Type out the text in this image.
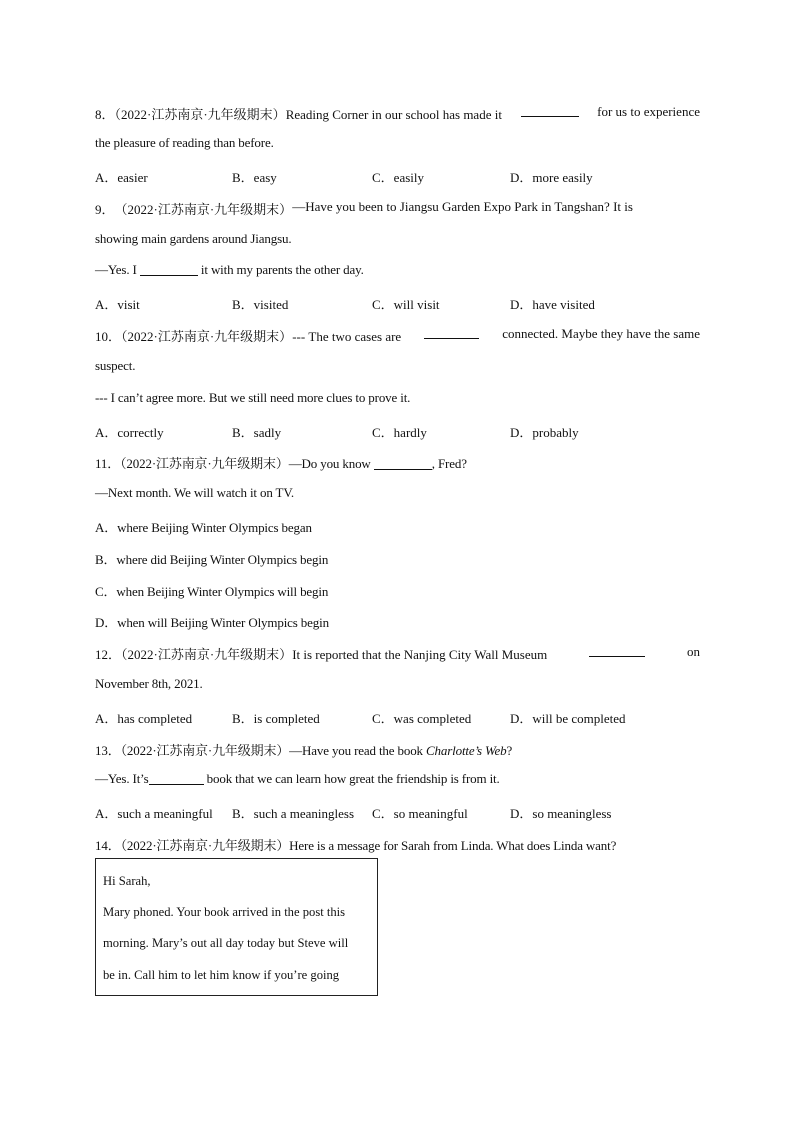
8．（2022·江苏南京·九年级期末）Reading Corner in our school has made it	for us to experience
the pleasure of reading than before.
A．easier	B．easy	C．easily	D．more easily
9． （2022·江苏南京·九年级期末） —Have you been to Jiangsu Garden Expo Park in Tangshan? It is
showing main gardens around Jiangsu.
—Yes. I	it with my parents the other day.
A．visit	B．visited	C．will visit	D．have visited
10．（2022·江苏南京·九年级期末）--- The two cases are	connected. Maybe they have the same
suspect.
--- I can’t agree more. But we still need more clues to prove it.
A．correctly	B．sadly	C．hardly	D．probably
11．（2022·江苏南京·九年级期末）—Do you know	, Fred?
—Next month. We will watch it on TV.
A．where Beijing Winter Olympics began
B．where did Beijing Winter Olympics begin
C．when Beijing Winter Olympics will begin
D．when will Beijing Winter Olympics begin
12．（2022·江苏南京·九年级期末）It is reported that the Nanjing City Wall Museum	on
November 8th, 2021.
A．has completed	B．is completed	C．was completed	D．will be completed
13．（2022·江苏南京·九年级期末）—Have you read the book Charlotte’s Web?
—Yes. It’s	book that we can learn how great the friendship is from it.
A．such a meaningful B．such a meaningless C．so meaningful	D．so meaningless
14．（2022·江苏南京·九年级期末）Here is a message for Sarah from Linda. What does Linda want?
Hi Sarah,
Mary phoned. Your book arrived in the post this
morning. Mary’s out all day today but Steve will
be in. Call him to let him know if you’re going
